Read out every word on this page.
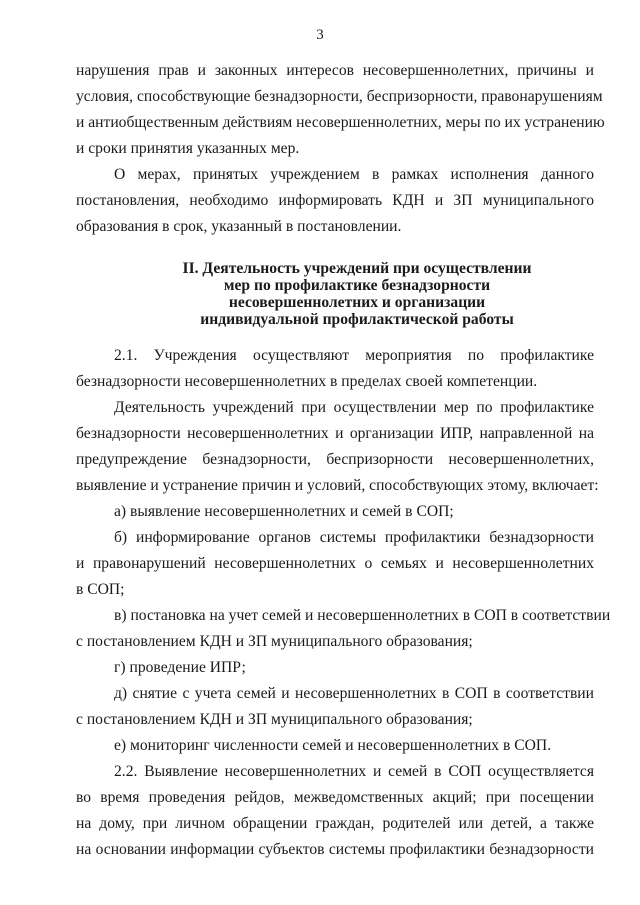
3
нарушения прав и законных интересов несовершеннолетних, причины и
условия, способствующие безнадзорности, беспризорности, правонарушениям
и антиобщественным действиям несовершеннолетних, меры по их устранению
и сроки принятия указанных мер.
О мерах, принятых учреждением в рамках исполнения данного
постановления, необходимо информировать КДН и ЗП муниципального
образования в срок, указанный в постановлении.
II. Деятельность учреждений при осуществлении
мер по профилактике безнадзорности
несовершеннолетних и организации
индивидуальной профилактической работы
2.1. Учреждения осуществляют мероприятия по профилактике
безнадзорности несовершеннолетних в пределах своей компетенции.
Деятельность учреждений при осуществлении мер по профилактике
безнадзорности несовершеннолетних и организации ИПР, направленной на
предупреждение безнадзорности, беспризорности несовершеннолетних,
выявление и устранение причин и условий, способствующих этому, включает:
а) выявление несовершеннолетних и семей в СОП;
б) информирование органов системы профилактики безнадзорности
и правонарушений несовершеннолетних о семьях и несовершеннолетних
в СОП;
в) постановка на учет семей и несовершеннолетних в СОП в соответствии
с постановлением КДН и ЗП муниципального образования;
г) проведение ИПР;
д) снятие с учета семей и несовершеннолетних в СОП в соответствии
с постановлением КДН и ЗП муниципального образования;
е) мониторинг численности семей и несовершеннолетних в СОП.
2.2. Выявление несовершеннолетних и семей в СОП осуществляется
во время проведения рейдов, межведомственных акций; при посещении
на дому, при личном обращении граждан, родителей или детей, а также
на основании информации субъектов системы профилактики безнадзорности
